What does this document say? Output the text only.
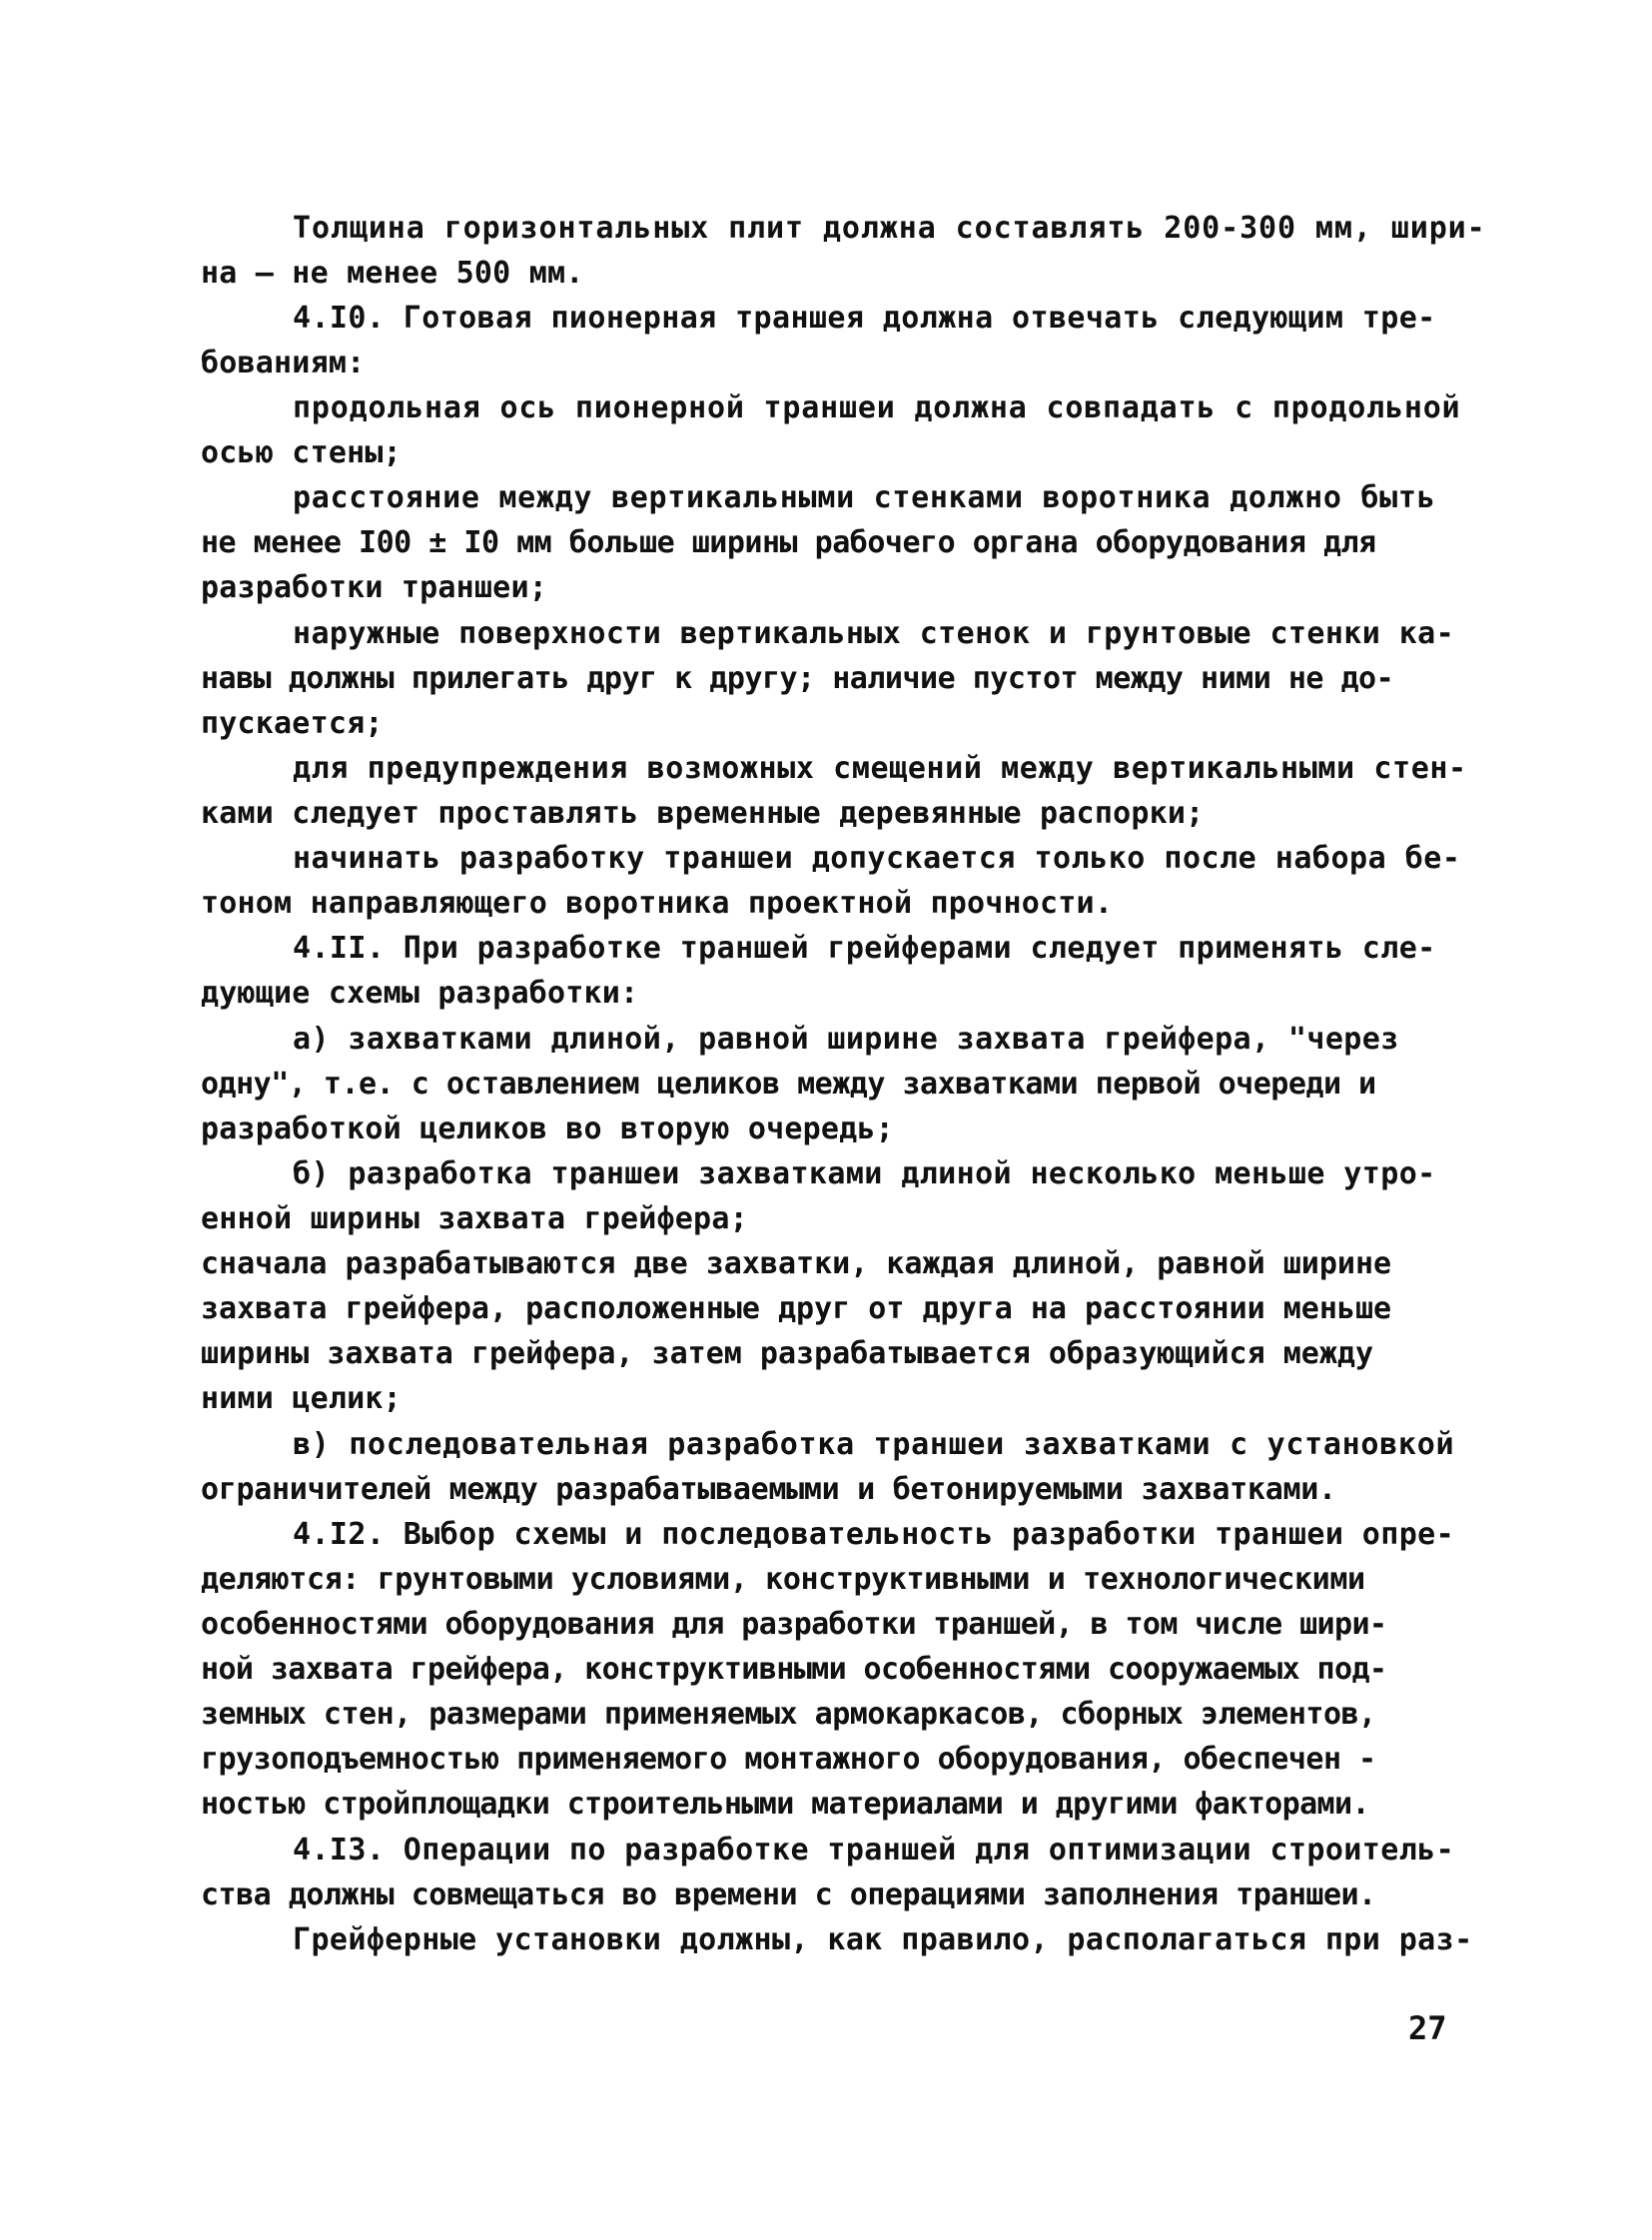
Толщина горизонтальных плит должна составлять 200-300 мм, шири-
на – не менее 500 мм.
4.I0. Готовая пионерная траншея должна отвечать следующим тре-
бованиям:
продольная ось пионерной траншеи должна совпадать с продольной
осью стены;
расстояние между вертикальными стенками воротника должно быть
не менее I00 ± I0 мм больше ширины рабочего органа оборудования для
разработки траншеи;
наружные поверхности вертикальных стенок и грунтовые стенки ка-
навы должны прилегать друг к другу; наличие пустот между ними не до-
пускается;
для предупреждения возможных смещений между вертикальными стен-
ками следует проставлять временные деревянные распорки;
начинать разработку траншеи допускается только после набора бе-
тоном направляющего воротника проектной прочности.
4.II. При разработке траншей грейферами следует применять сле-
дующие схемы разработки:
а) захватками длиной, равной ширине захвата грейфера, "через
одну", т.е. с оставлением целиков между захватками первой очереди и
разработкой целиков во вторую очередь;
б) разработка траншеи захватками длиной несколько меньше утро-
енной ширины захвата грейфера;
сначала разрабатываются две захватки, каждая длиной, равной ширине
захвата грейфера, расположенные друг от друга на расстоянии меньше
ширины захвата грейфера, затем разрабатывается образующийся между
ними целик;
в) последовательная разработка траншеи захватками с установкой
ограничителей между разрабатываемыми и бетонируемыми захватками.
4.I2. Выбор схемы и последовательность разработки траншеи опре-
деляются: грунтовыми условиями, конструктивными и технологическими
особенностями оборудования для разработки траншей, в том числе шири-
ной захвата грейфера, конструктивными особенностями сооружаемых под-
земных стен, размерами применяемых армокаркасов, сборных элементов,
грузоподъемностью применяемого монтажного оборудования, обеспечен -
ностью стройплощадки строительными материалами и другими факторами.
4.I3. Операции по разработке траншей для оптимизации строитель-
ства должны совмещаться во времени с операциями заполнения траншеи.
Грейферные установки должны, как правило, располагаться при раз-
27
